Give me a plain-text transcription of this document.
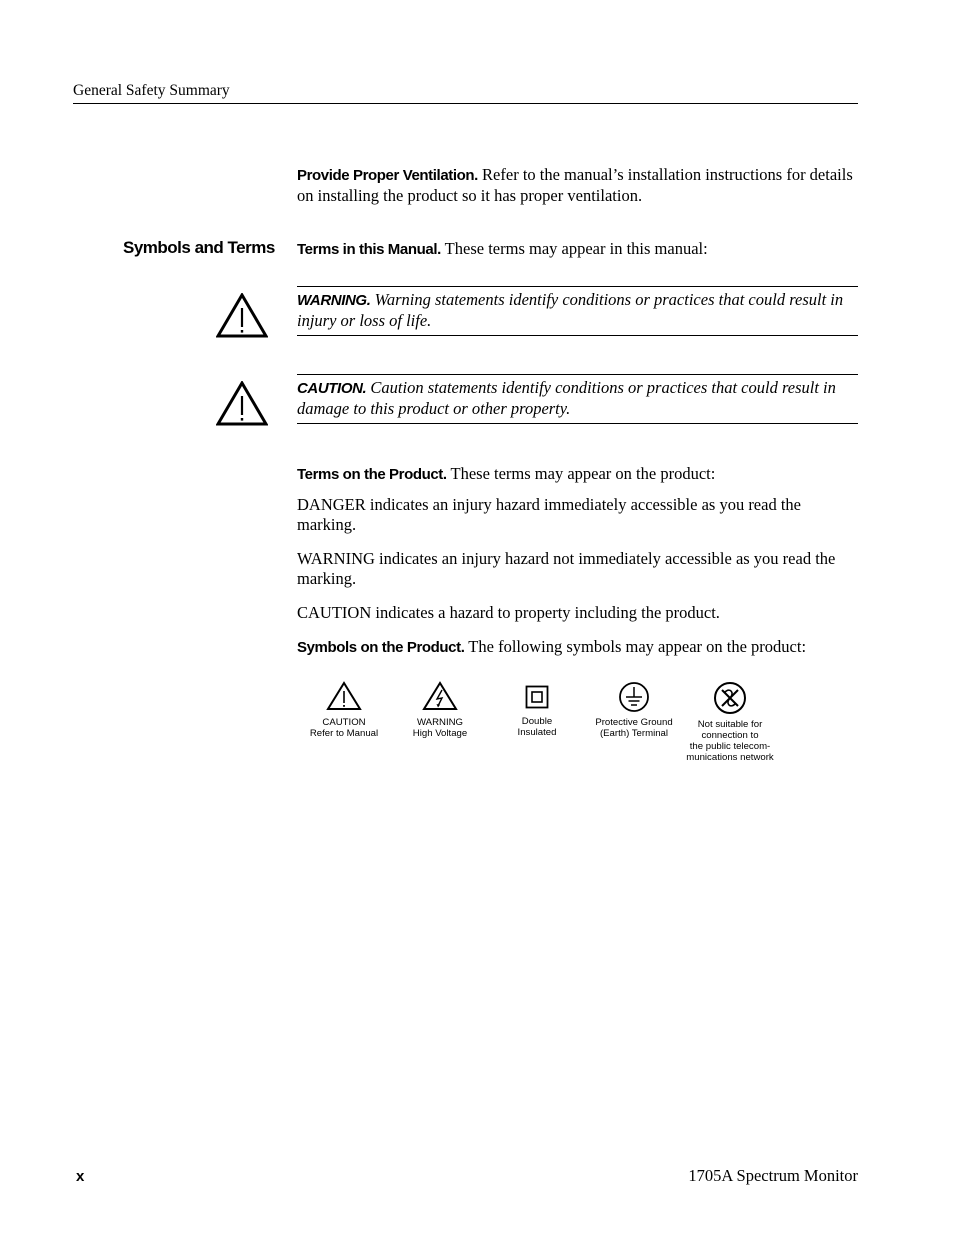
General Safety Summary
Provide Proper Ventilation. Refer to the manual’s installation instructions for details on installing the product so it has proper ventilation.
Symbols and Terms Terms in this Manual. These terms may appear in this manual:
WARNING. Warning statements identify conditions or practices that could result in injury or loss of life.
CAUTION. Caution statements identify conditions or practices that could result in damage to this product or other property.
Terms on the Product. These terms may appear on the product:
DANGER indicates an injury hazard immediately accessible as you read the marking.
WARNING indicates an injury hazard not immediately accessible as you read the marking.
CAUTION indicates a hazard to property including the product.
Symbols on the Product. The following symbols may appear on the product:
CAUTION
Refer to Manual
WARNING
High Voltage
Double
Insulated
Protective Ground
(Earth) Terminal
Not suitable for
connection to
the public telecom-
munications network
x	1705A Spectrum Monitor
